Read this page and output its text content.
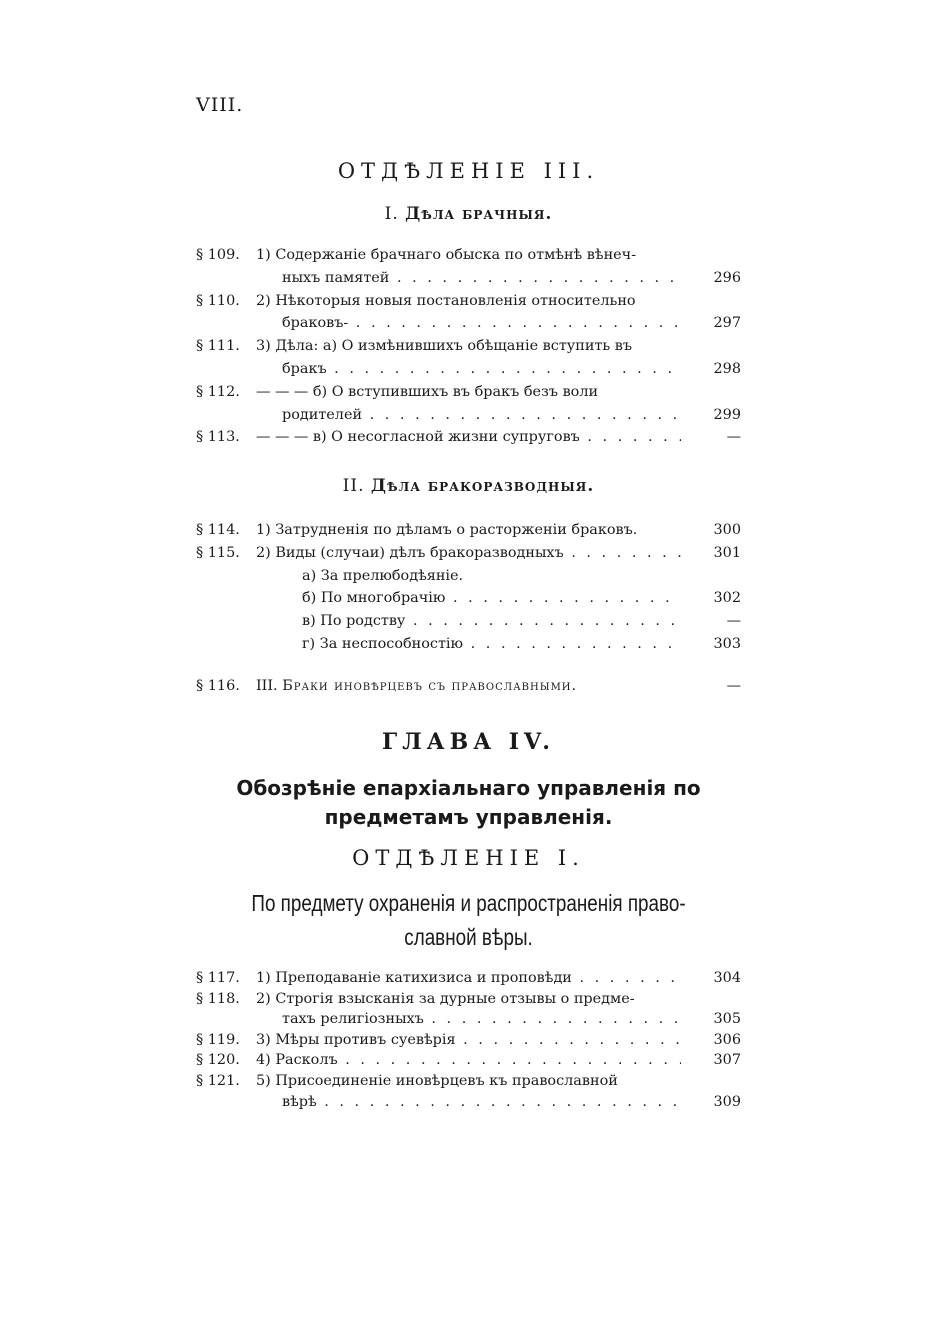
VIII.
ОТДѢЛЕНІЕ III.
I. Дѣла брачныя.
§ 109.	1) Содержаніе брачнаго обыска по отмѣнѣ вѣнеч-
ныхъ памятей . . .	296
§ 110.	2) Нѣкоторыя новыя постановленія относительно
браковъ- . . .	297
§ 111.	3) Дѣла: а) О измѣнившихъ обѣщаніе вступить въ
бракъ . . .	298
§ 112.	— — — б) О вступившихъ въ бракъ безъ воли
родителей . . .	299
§ 113.	— — — в) О несогласной жизни супруговъ . . .	—
II. Дѣла бракоразводныя.
§ 114.	1) Затрудненія по дѣламъ о расторженіи браковъ.	300
§ 115.	2) Виды (случаи) дѣлъ бракоразводныхъ . . .	301
а) За прелюбодѣяніе.
б) По многобрачію . . .	302
в) По родству . . .	—
г) За неспособностію . . .	303
§ 116.	III. Браки иновѣрцевъ съ православными.	—
ГЛАВА IV.
Обозрѣніе епархіальнаго управленія по
предметамъ управленія.
ОТДѢЛЕНІЕ I.
По предмету охраненія и распространенія право-
славной вѣры.
§ 117.	1) Преподаваніе катихизиса и проповѣди . . .	304
§ 118.	2) Строгія взысканія за дурные отзывы о предме-
тахъ религіозныхъ . . .	305
§ 119.	3) Мѣры противъ суевѣрія . . .	306
§ 120.	4) Расколъ . . .	307
§ 121.	5) Присоединеніе иновѣрцевъ къ православной
вѣрѣ . . .	309
